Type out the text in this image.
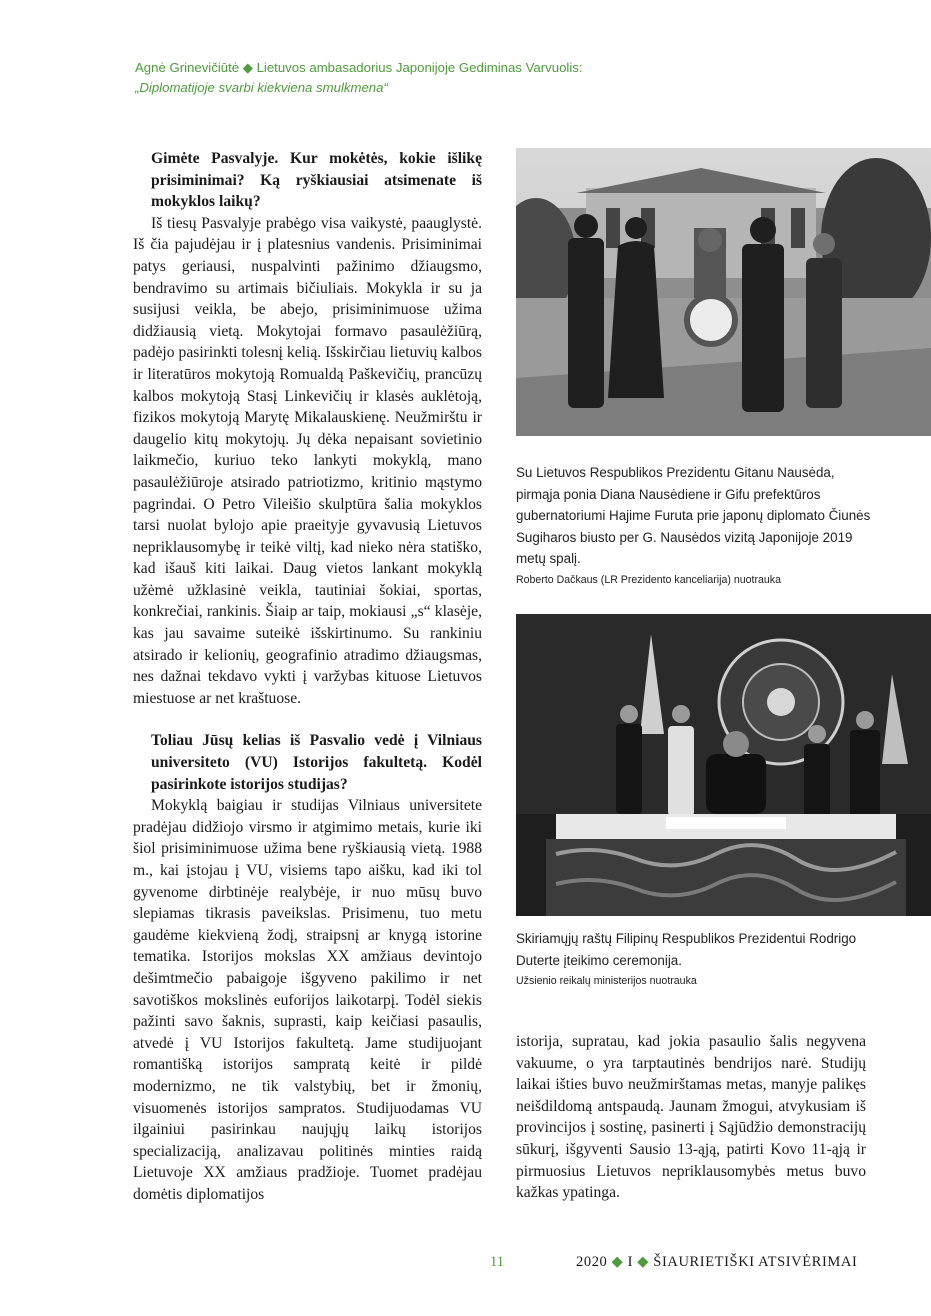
Agnė Grinevičiūtė ◆ Lietuvos ambasadorius Japonijoje Gediminas Varvuolis:
„Diplomatijoje svarbi kiekviena smulkmena“

Gimėte Pasvalyje. Kur mokėtės, kokie išlikę prisiminimai? Ką ryškiausiai atsimenate iš mokyklos laikų?

Iš tiesų Pasvalyje prabėgo visa vaikystė, paauglystė. Iš čia pajudėjau ir į platesnius vandenis. Prisiminimai patys geriausi, nuspalvinti pažinimo džiaugsmo, bendravimo su artimais bičiuliais. Mokykla ir su ja susijusi veikla, be abejo, prisiminimuose užima didžiausią vietą. Mokytojai formavo pasaulėžiūrą, padėjo pasirinkti tolesnį kelią. Išskirčiau lietuvių kalbos ir literatūros mokytoją Romualdą Paškevičių, prancūzų kalbos mokytoją Stasį Linkevičių ir klasės auklėtoją, fizikos mokytoją Marytę Mikalauskienę. Neužmirštu ir daugelio kitų mokytojų. Jų dėka nepaisant sovietinio laikmečio, kuriuo teko lankyti mokyklą, mano pasaulėžiūroje atsirado patriotizmo, kritinio mąstymo pagrindai. O Petro Vileišio skulptūra šalia mokyklos tarsi nuolat bylojo apie praeityje gyvavusią Lietuvos nepriklausomybę ir teikė viltį, kad nieko nėra statiško, kad išauš kiti laikai. Daug vietos lankant mokyklą užėmė užklasinė veikla, tautiniai šokiai, sportas, konkrečiai, rankinis. Šiaip ar taip, mokiausi „s“ klasėje, kas jau savaime suteikė išskirtinumo. Su rankiniu atsirado ir kelionių, geografinio atradimo džiaugsmas, nes dažnai tekdavo vykti į varžybas kituose Lietuvos miestuose ar net kraštuose.

Toliau Jūsų kelias iš Pasvalio vedė į Vilniaus universiteto (VU) Istorijos fakultetą. Kodėl pasirinkote istorijos studijas?

Mokyklą baigiau ir studijas Vilniaus universitete pradėjau didžiojo virsmo ir atgimimo metais, kurie iki šiol prisiminimuose užima bene ryškiausią vietą. 1988 m., kai įstojau į VU, visiems tapo aišku, kad iki tol gyvenome dirbtinėje realybėje, ir nuo mūsų buvo slepiamas tikrasis paveikslas. Prisimenu, tuo metu gaudėme kiekvieną žodį, straipsnį ar knygą istorine tematika. Istorijos mokslas XX amžiaus devintojo dešimtmečio pabaigoje išgyveno pakilimo ir net savotiškos mokslinės euforijos laikotarpį. Todėl siekis pažinti savo šaknis, suprasti, kaip keičiasi pasaulis, atvedė į VU Istorijos fakultetą. Jame studijuojant romantišką istorijos sampratą keitė ir pildė modernizmo, ne tik valstybių, bet ir žmonių, visuomenės istorijos sampratos. Studijuodamas VU ilgainiui pasirinkau naujųjų laikų istorijos specializaciją, analizavau politinės minties raidą Lietuvoje XX amžiaus pradžioje. Tuomet pradėjau domėtis diplomatijos

Su Lietuvos Respublikos Prezidentu Gitanu Nausėda, pirmąja ponia Diana Nausėdiene ir Gifu prefektūros gubernatoriumi Hajime Furuta prie japonų diplomato Čiunės Sugiharos biusto per G. Nausėdos vizitą Japonijoje 2019 metų spalį.
Roberto Dačkaus (LR Prezidento kanceliarija) nuotrauka
Skiriamųjų raštų Filipinų Respublikos Prezidentui Rodrigo Duterte įteikimo ceremonija.
Užsienio reikalų ministerijos nuotrauka

istorija, supratau, kad jokia pasaulio šalis negyvena vakuume, o yra tarptautinės bendrijos narė. Studijų laikai išties buvo neužmirštamas metas, manyje palikęs neišdildomą antspaudą. Jaunam žmogui, atvykusiam iš provincijos į sostinę, pasinerti į Sąjūdžio demonstracijų sūkurį, išgyventi Sausio 13-ąją, patirti Kovo 11-ąją ir pirmuosius Lietuvos nepriklausomybės metus buvo kažkas ypatinga.

11	2020 ◆ I ◆ ŠIAURIETIŠKI ATSIVĖRIMAI
